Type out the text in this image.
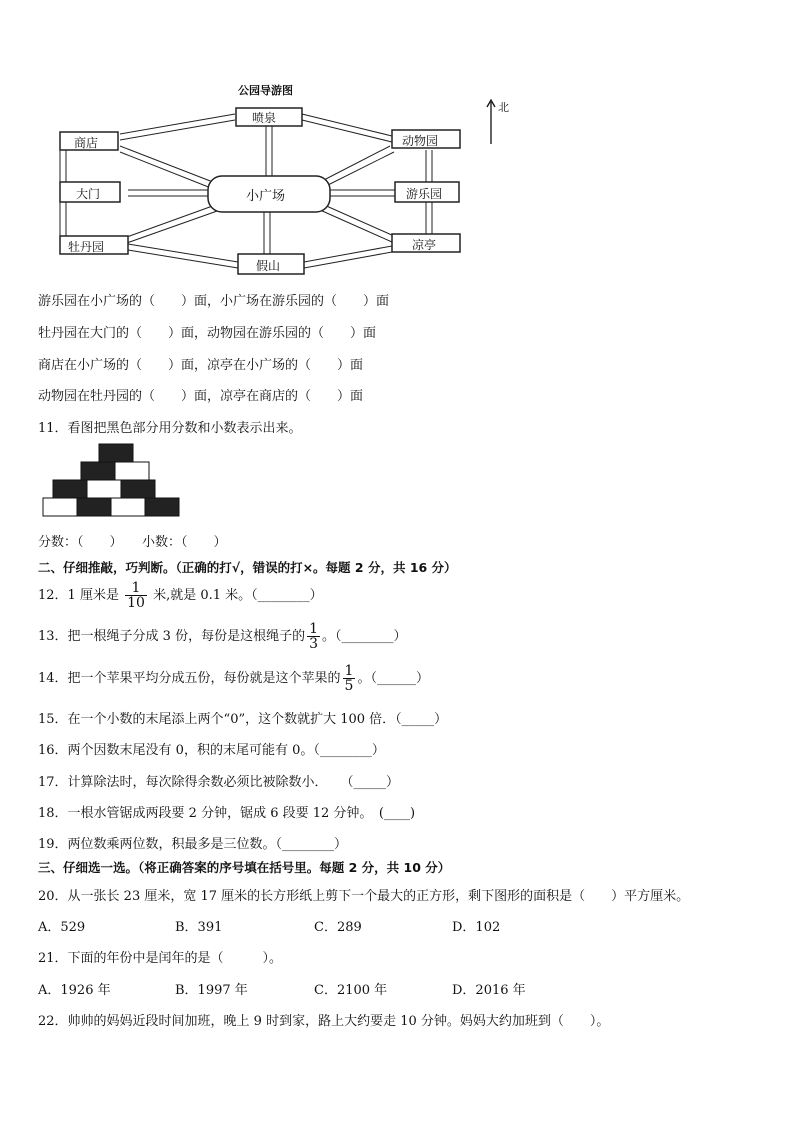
公园导游图
喷泉
商店	动物园
大门	小广场	游乐园
牡丹园	凉亭
假山
北
游乐园在小广场的（　　）面，小广场在游乐园的（　　）面
牡丹园在大门的（　　）面，动物园在游乐园的（　　）面
商店在小广场的（　　）面，凉亭在小广场的（　　）面
动物园在牡丹园的（　　）面，凉亭在商店的（　　）面
11．看图把黑色部分用分数和小数表示出来。
分数：（　　）　　小数：（　　）
二、仔细推敲，巧判断。（正确的打√，错误的打×。每题 2 分，共 16 分）
12．1 厘米是 $\frac{1}{10}$ 米,就是 0.1 米。（________）
13．把一根绳子分成 3 份，每份是这根绳子的 $\frac{1}{3}$ 。（________）
14．把一个苹果平均分成五份，每份就是这个苹果的 $\frac{1}{5}$ 。（______）
15．在一个小数的末尾添上两个“0”，这个数就扩大 100 倍．（_____）
16．两个因数末尾没有 0，积的末尾可能有 0。（________）
17．计算除法时，每次除得余数必须比被除数小．　　（_____）
18．一根水管锯成两段要 2 分钟，锯成 6 段要 12 分钟。　(____)
19．两位数乘两位数，积最多是三位数。（________）
三、仔细选一选。（将正确答案的序号填在括号里。每题 2 分，共 10 分）
20．从一张长 23 厘米，宽 17 厘米的长方形纸上剪下一个最大的正方形，剩下图形的面积是（　　）平方厘米。
A．529	B．391	C．289	D．102
21．下面的年份中是闰年的是（　　　）。
A．1926 年	B．1997 年	C．2100 年	D．2016 年
22．帅帅的妈妈近段时间加班，晚上 9 时到家，路上大约要走 10 分钟。妈妈大约加班到（　　）。
